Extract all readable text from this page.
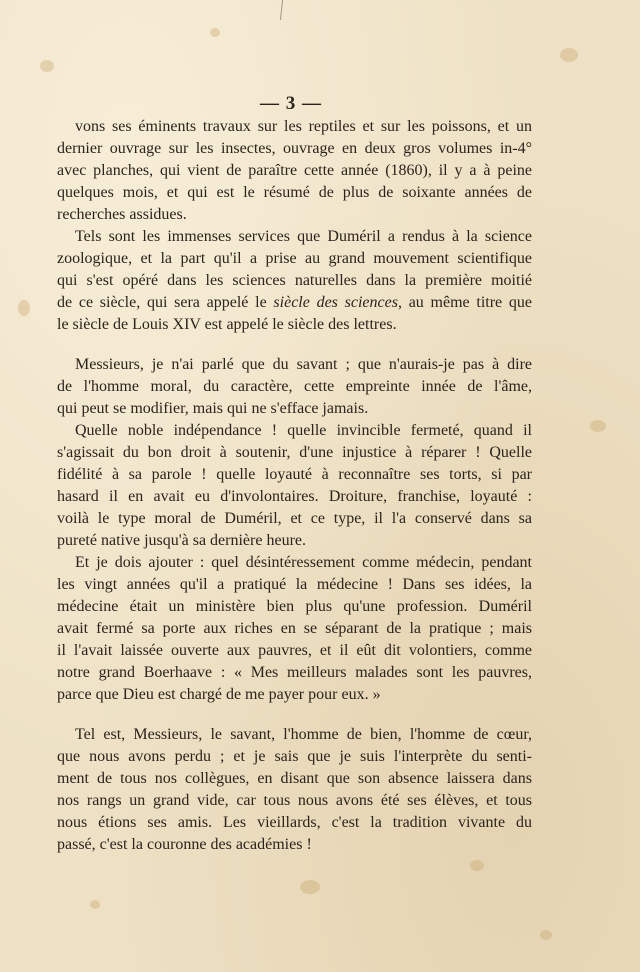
— 3 —
vons ses éminents travaux sur les reptiles et sur les poissons, et un
dernier ouvrage sur les insectes, ouvrage en deux gros volumes in-4°
avec planches, qui vient de paraître cette année (1860), il y a à peine
quelques mois, et qui est le résumé de plus de soixante années de
recherches assidues.
Tels sont les immenses services que Duméril a rendus à la science
zoologique, et la part qu'il a prise au grand mouvement scientifique
qui s'est opéré dans les sciences naturelles dans la première moitié
de ce siècle, qui sera appelé le siècle des sciences, au même titre que
le siècle de Louis XIV est appelé le siècle des lettres.
Messieurs, je n'ai parlé que du savant ; que n'aurais-je pas à dire
de l'homme moral, du caractère, cette empreinte innée de l'âme,
qui peut se modifier, mais qui ne s'efface jamais.
Quelle noble indépendance ! quelle invincible fermeté, quand il
s'agissait du bon droit à soutenir, d'une injustice à réparer ! Quelle
fidélité à sa parole ! quelle loyauté à reconnaître ses torts, si par
hasard il en avait eu d'involontaires. Droiture, franchise, loyauté :
voilà le type moral de Duméril, et ce type, il l'a conservé dans sa
pureté native jusqu'à sa dernière heure.
Et je dois ajouter : quel désintéressement comme médecin, pendant
les vingt années qu'il a pratiqué la médecine ! Dans ses idées, la
médecine était un ministère bien plus qu'une profession. Duméril
avait fermé sa porte aux riches en se séparant de la pratique ; mais
il l'avait laissée ouverte aux pauvres, et il eût dit volontiers, comme
notre grand Boerhaave : « Mes meilleurs malades sont les pauvres,
parce que Dieu est chargé de me payer pour eux. »
Tel est, Messieurs, le savant, l'homme de bien, l'homme de cœur,
que nous avons perdu ; et je sais que je suis l'interprète du senti-
ment de tous nos collègues, en disant que son absence laissera dans
nos rangs un grand vide, car tous nous avons été ses élèves, et tous
nous étions ses amis. Les vieillards, c'est la tradition vivante du
passé, c'est la couronne des académies !
